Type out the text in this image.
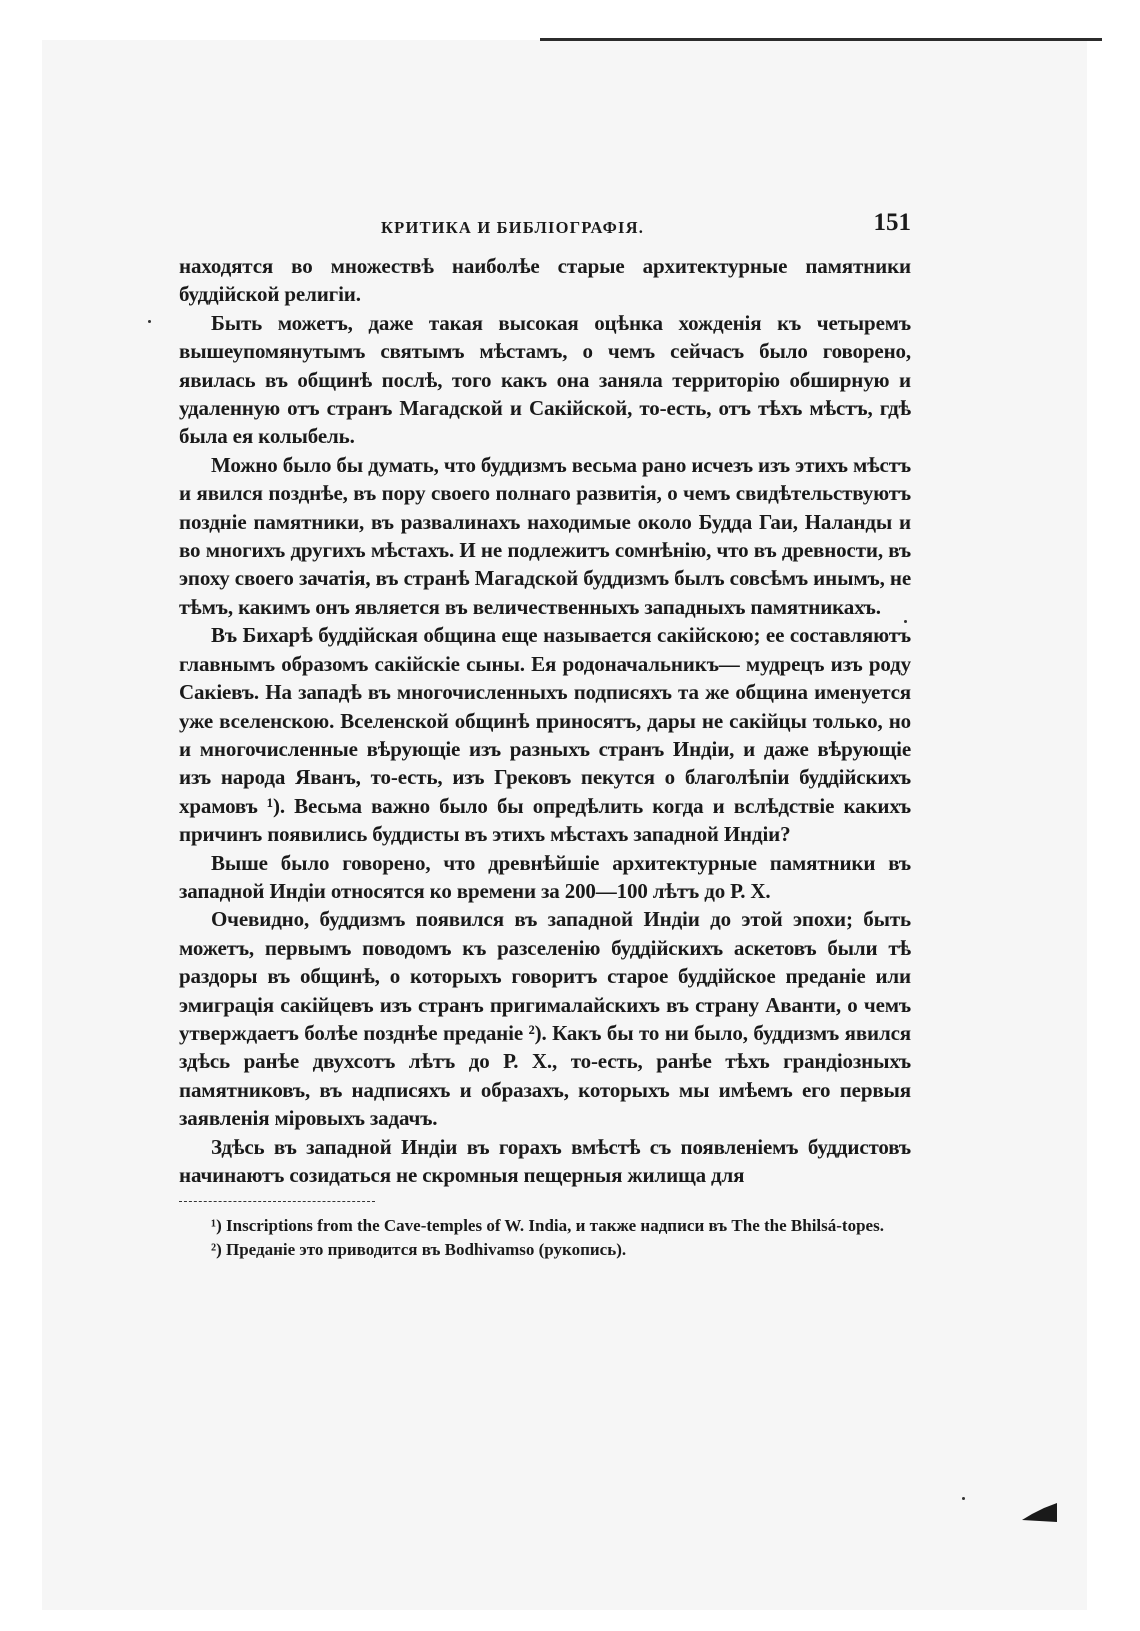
КРИТИКА И БИБЛІОГРАФІЯ.	151

находятся во множествѣ наиболѣе старые архитектурные памятники буддійской религіи.

Быть можетъ, даже такая высокая оцѣнка хожденія къ четыремъ вышеупомянутымъ святымъ мѣстамъ, о чемъ сейчасъ было говорено, явилась въ общинѣ послѣ, того какъ она заняла территорію обширную и удаленную отъ странъ Магадской и Сакійской, то-есть, отъ тѣхъ мѣстъ, гдѣ была ея колыбель.

Можно было бы думать, что буддизмъ весьма рано исчезъ изъ этихъ мѣстъ и явился позднѣе, въ пору своего полнаго развитія, о чемъ свидѣтельствуютъ поздніе памятники, въ развалинахъ находимые около Будда Гаи, Наланды и во многихъ другихъ мѣстахъ. И не подлежитъ сомнѣнію, что въ древности, въ эпоху своего зачатія, въ странѣ Магадской буддизмъ былъ совсѣмъ инымъ, не тѣмъ, какимъ онъ является въ величественныхъ западныхъ памятникахъ.

Въ Бихарѣ буддійская община еще называется сакійскою; ее составляютъ главнымъ образомъ сакійскіе сыны. Ея родоначальникъ— мудрецъ изъ роду Сакіевъ. На западѣ въ многочисленныхъ подписяхъ та же община именуется уже вселенскою. Вселенской общинѣ приносятъ, дары не сакійцы только, но и многочисленные вѣрующіе изъ разныхъ странъ Индіи, и даже вѣрующіе изъ народа Яванъ, то-есть, изъ Грековъ пекутся о благолѣпіи буддійскихъ храмовъ ¹). Весьма важно было бы опредѣлить когда и вслѣдствіе какихъ причинъ появились буддисты въ этихъ мѣстахъ западной Индіи?

Выше было говорено, что древнѣйшіе архитектурные памятники въ западной Индіи относятся ко времени за 200—100 лѣтъ до Р. Х.

Очевидно, буддизмъ появился въ западной Индіи до этой эпохи; быть можетъ, первымъ поводомъ къ разселенію буддійскихъ аскетовъ были тѣ раздоры въ общинѣ, о которыхъ говоритъ старое буддійское преданіе или эмиграція сакійцевъ изъ странъ пригималайскихъ въ страну Аванти, о чемъ утверждаетъ болѣе позднѣе преданіе ²). Какъ бы то ни было, буддизмъ явился здѣсь ранѣе двухсотъ лѣтъ до Р. Х., то-есть, ранѣе тѣхъ грандіозныхъ памятниковъ, въ надписяхъ и образахъ, которыхъ мы имѣемъ его первыя заявленія міровыхъ задачъ.

Здѣсь въ западной Индіи въ горахъ вмѣстѣ съ появленіемъ буддистовъ начинаютъ созидаться не скромныя пещерныя жилища для

¹) Inscriptions from the Cave-temples of W. India, и также надписи въ The the Bhilsá-topes.

²) Преданіе это приводится въ Bodhivamso (рукопись).
